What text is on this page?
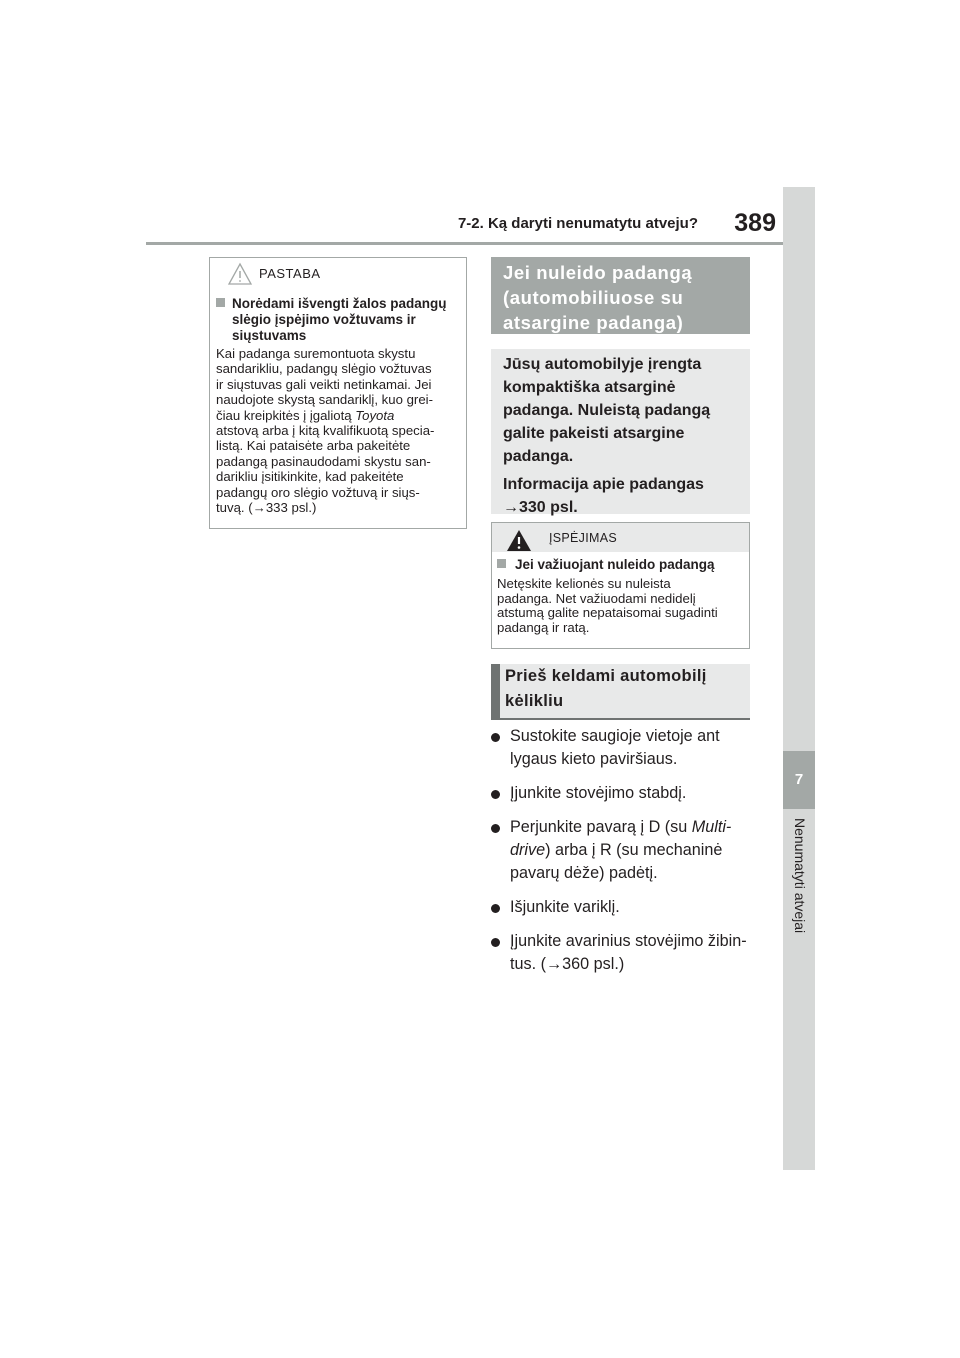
7-2. Ką daryti nenumatytu atveju?	389
7
Nenumatyti atvejai
PASTABA
Norėdami išvengti žalos padangų
slėgio įspėjimo vožtuvams ir siųstuvams
Kai padanga suremontuota skystu
sandarikliu, padangų slėgio vožtuvas
ir siųstuvas gali veikti netinkamai. Jei
naudojote skystą sandariklį, kuo grei-
čiau kreipkitės į įgaliotą Toyota
atstovą arba į kitą kvalifikuotą specia-
listą. Kai pataisėte arba pakeitėte
padangą pasinaudodami skystu san-
darikliu įsitikinkite, kad pakeitėte
padangų oro slėgio vožtuvą ir siųs-
tuvą. (→333 psl.)
Jei nuleido padangą
(automobiliuose su
atsargine padanga)

Jūsų automobilyje įrengta kompaktiška atsarginė padanga. Nuleistą padangą galite pakeisti atsargine padanga.

Informacija apie padangas
→330 psl.

ĮSPĖJIMAS
Jei važiuojant nuleido padangą
Netęskite kelionės su nuleista
padanga. Net važiuodami nedidelį
atstumą galite nepataisomai sugadinti
padangą ir ratą.
Prieš keldami automobilį
kėlikliu
Sustokite saugioje vietoje ant lygaus kieto paviršiaus.
Įjunkite stovėjimo stabdį.
Perjunkite pavarą į D (su Multi-
drive) arba į R (su mechaninė pavarų dėže) padėtį.
Išjunkite variklį.
Įjunkite avarinius stovėjimo žibintus. (→360 psl.)
